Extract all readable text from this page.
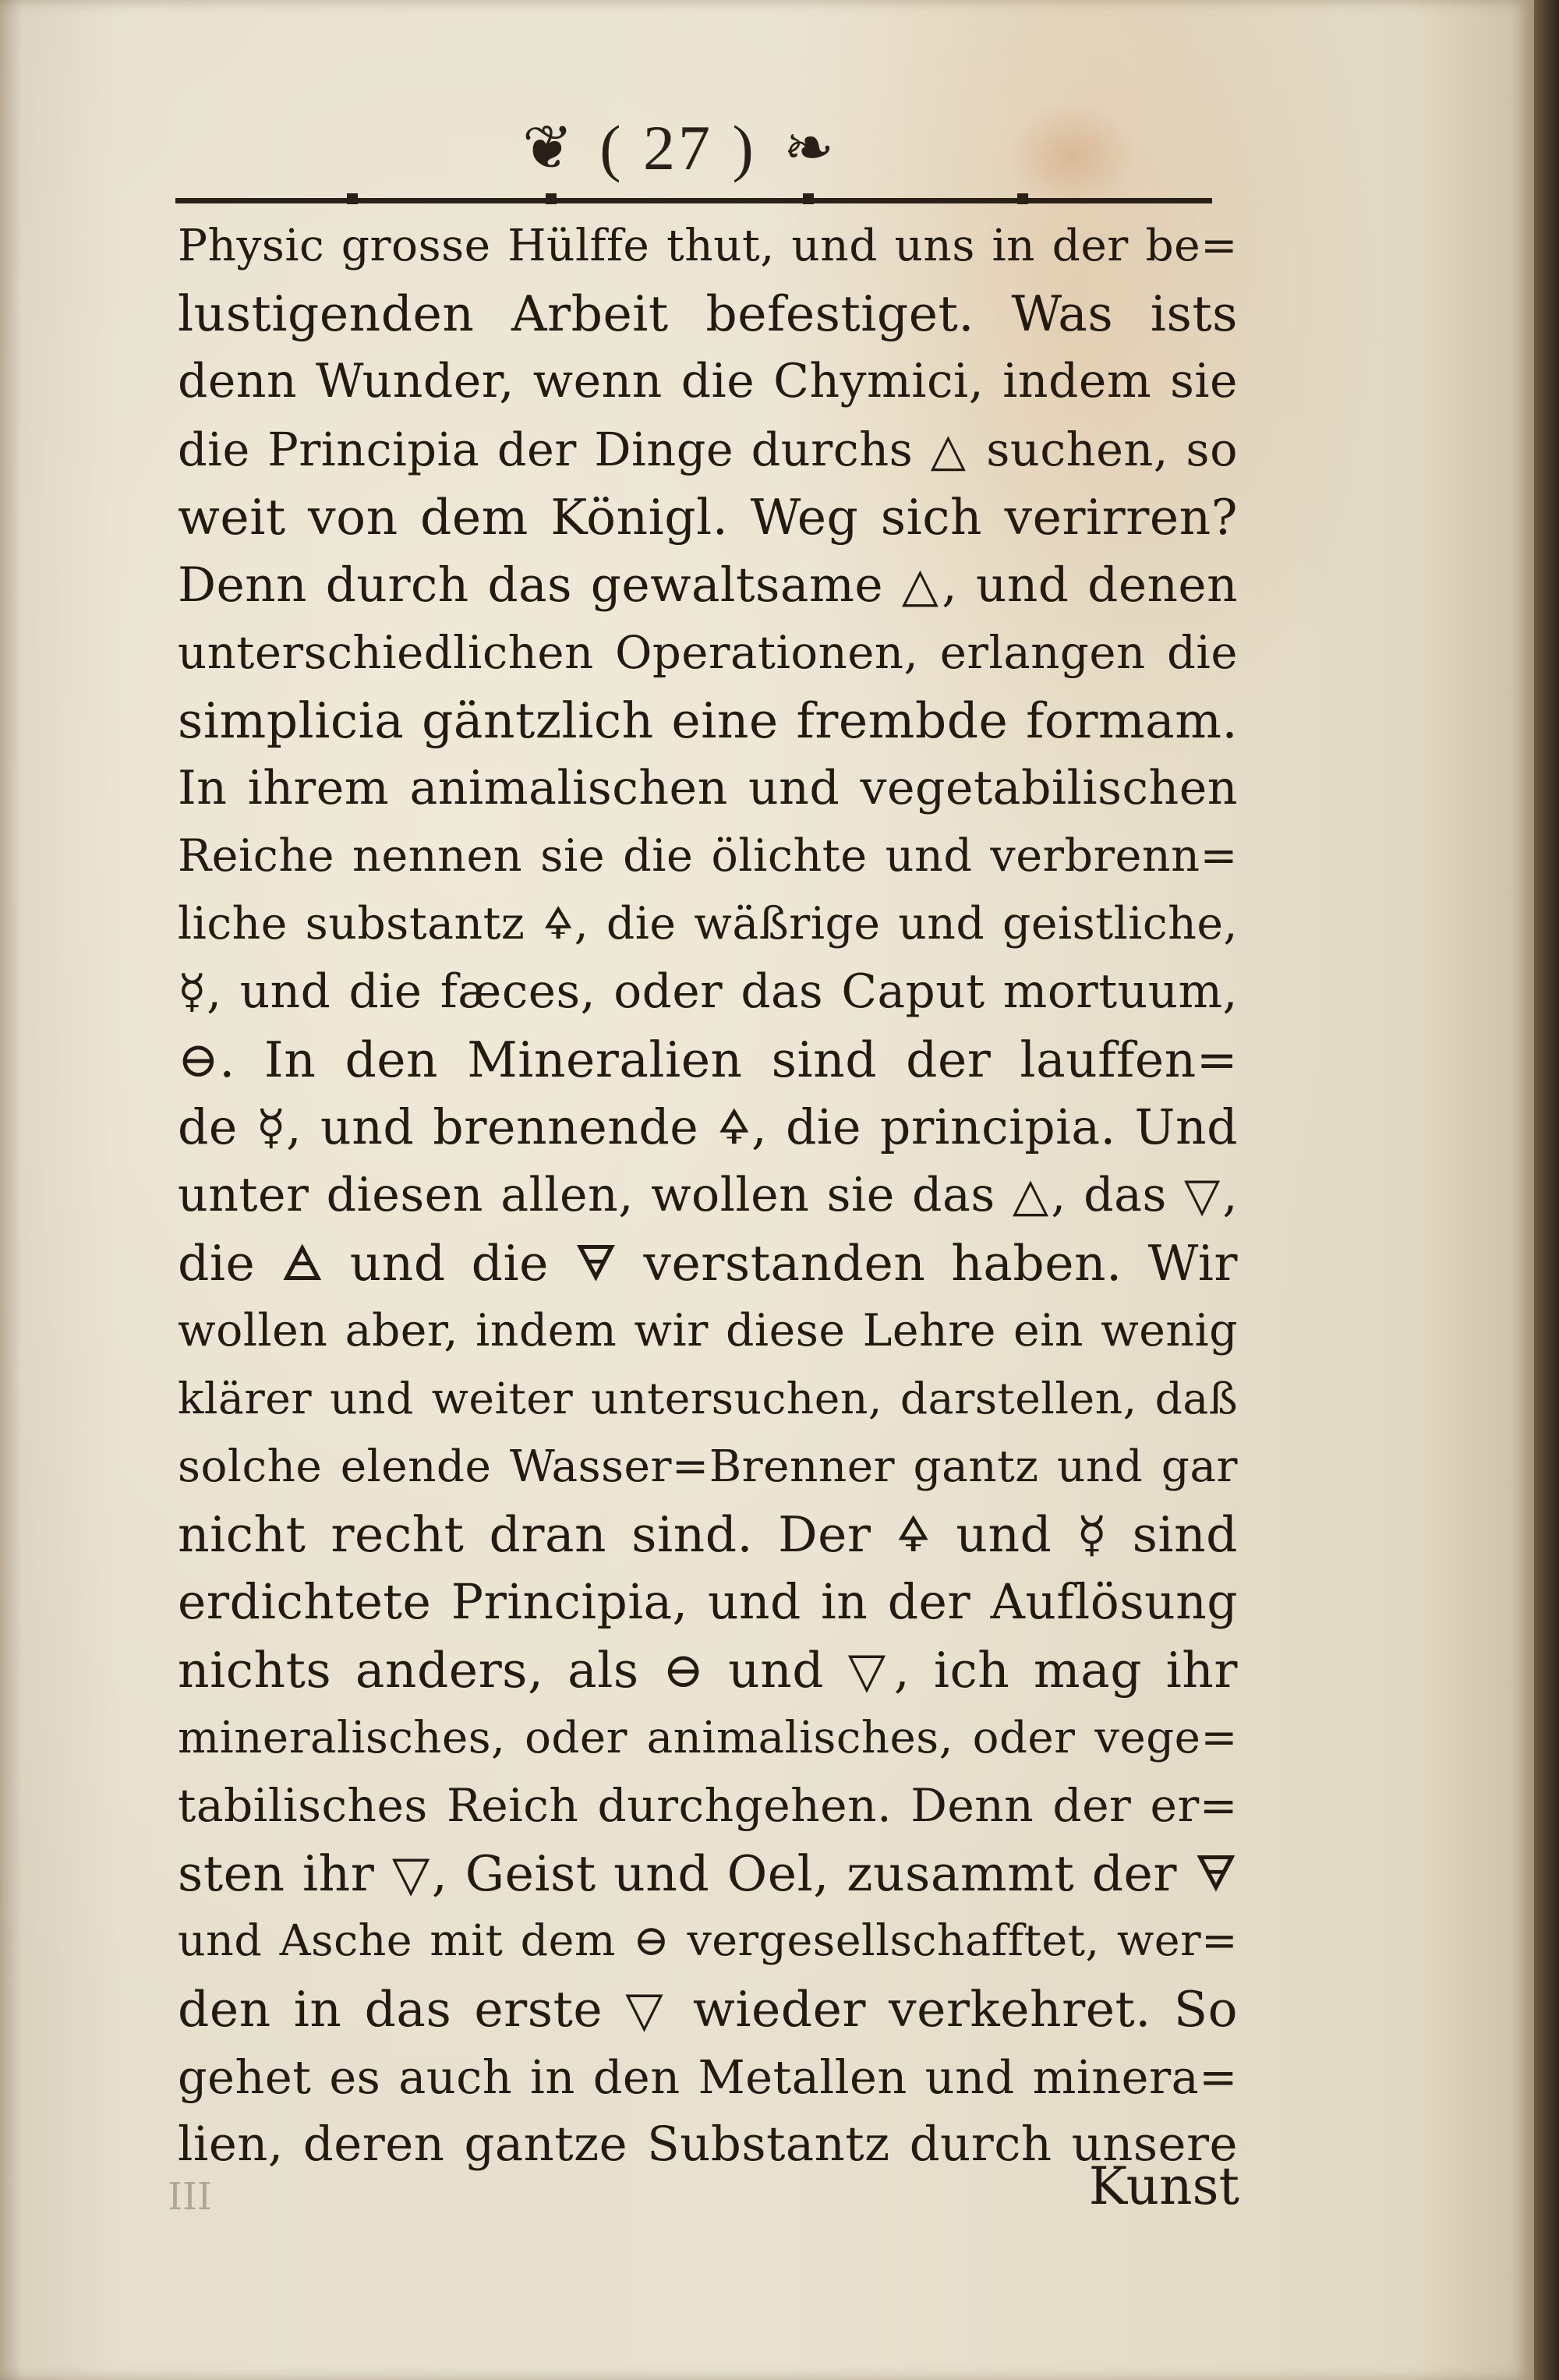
❦ ( 27 ) ❧
Physic grosse Hülffe thut, und uns in der be=
lustigenden Arbeit befestiget. Was ists
denn Wunder, wenn die Chymici, indem sie
die Principia der Dinge durchs △ suchen, so
weit von dem Königl. Weg sich verirren?
Denn durch das gewaltsame △, und denen
unterschiedlichen Operationen, erlangen die
simplicia gäntzlich eine frembde formam.
In ihrem animalischen und vegetabilischen
Reiche nennen sie die ölichte und verbrenn=
liche substantz 🜍, die wäßrige und geistliche,
☿, und die fæces, oder das Caput mortuum,
⊖. In den Mineralien sind der lauffen=
de ☿, und brennende 🜍, die principia. Und
unter diesen allen, wollen sie das △, das ▽,
die 🜁 und die 🜃 verstanden haben. Wir
wollen aber, indem wir diese Lehre ein wenig
klärer und weiter untersuchen, darstellen, daß
solche elende Wasser=Brenner gantz und gar
nicht recht dran sind. Der 🜍 und ☿ sind
erdichtete Principia, und in der Auflösung
nichts anders, als ⊖ und ▽, ich mag ihr
mineralisches, oder animalisches, oder vege=
tabilisches Reich durchgehen. Denn der er=
sten ihr ▽, Geist und Oel, zusammt der 🜃
und Asche mit dem ⊖ vergesellschafftet, wer=
den in das erste ▽ wieder verkehret. So
gehet es auch in den Metallen und minera=
lien, deren gantze Substantz durch unsere
Kunst
III
